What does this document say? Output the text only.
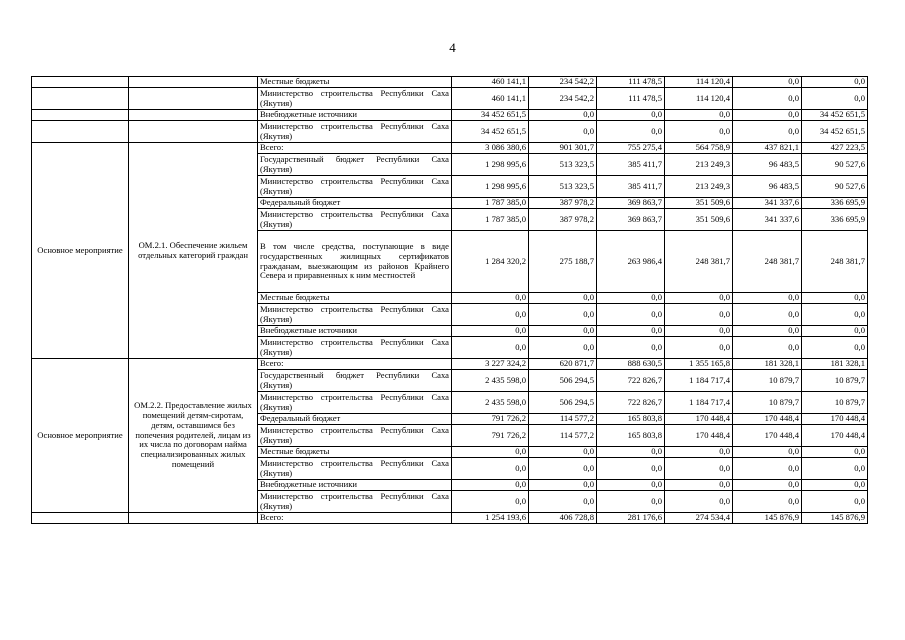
4
		Местные бюджеты	460 141,1	234 542,2	111 478,5	114 120,4	0,0	0,0
		Министерство строительства Республики Саха (Якутия)	460 141,1	234 542,2	111 478,5	114 120,4	0,0	0,0
		Внебюджетные источники	34 452 651,5	0,0	0,0	0,0	0,0	34 452 651,5
		Министерство строительства Республики Саха (Якутия)	34 452 651,5	0,0	0,0	0,0	0,0	34 452 651,5
Основное мероприятие	ОМ.2.1. Обеспечение жильем отдельных категорий граждан	Всего:	3 086 380,6	901 301,7	755 275,4	564 758,9	437 821,1	427 223,5
		Государственный бюджет Республики Саха (Якутия)	1 298 995,6	513 323,5	385 411,7	213 249,3	96 483,5	90 527,6
		Министерство строительства Республики Саха (Якутия)	1 298 995,6	513 323,5	385 411,7	213 249,3	96 483,5	90 527,6
		Федеральный бюджет	1 787 385,0	387 978,2	369 863,7	351 509,6	341 337,6	336 695,9
		Министерство строительства Республики Саха (Якутия)	1 787 385,0	387 978,2	369 863,7	351 509,6	341 337,6	336 695,9
		В том числе средства, поступающие в виде государственных жилищных сертификатов гражданам, выезжающим из районов Крайнего Севера и приравненных к ним местностей	1 284 320,2	275 188,7	263 986,4	248 381,7	248 381,7	248 381,7
		Местные бюджеты	0,0	0,0	0,0	0,0	0,0	0,0
		Министерство строительства Республики Саха (Якутия)	0,0	0,0	0,0	0,0	0,0	0,0
		Внебюджетные источники	0,0	0,0	0,0	0,0	0,0	0,0
		Министерство строительства Республики Саха (Якутия)	0,0	0,0	0,0	0,0	0,0	0,0
Основное мероприятие	ОМ.2.2. Предоставление жилых помещений детям-сиротам, детям, оставшимся без попечения родителей, лицам из их числа по договорам найма специализированных жилых помещений	Всего:	3 227 324,2	620 871,7	888 630,5	1 355 165,8	181 328,1	181 328,1
		Государственный бюджет Республики Саха (Якутия)	2 435 598,0	506 294,5	722 826,7	1 184 717,4	10 879,7	10 879,7
		Министерство строительства Республики Саха (Якутия)	2 435 598,0	506 294,5	722 826,7	1 184 717,4	10 879,7	10 879,7
		Федеральный бюджет	791 726,2	114 577,2	165 803,8	170 448,4	170 448,4	170 448,4
		Министерство строительства Республики Саха (Якутия)	791 726,2	114 577,2	165 803,8	170 448,4	170 448,4	170 448,4
		Местные бюджеты	0,0	0,0	0,0	0,0	0,0	0,0
		Министерство строительства Республики Саха (Якутия)	0,0	0,0	0,0	0,0	0,0	0,0
		Внебюджетные источники	0,0	0,0	0,0	0,0	0,0	0,0
		Министерство строительства Республики Саха (Якутия)	0,0	0,0	0,0	0,0	0,0	0,0
		Всего:	1 254 193,6	406 728,8	281 176,6	274 534,4	145 876,9	145 876,9
